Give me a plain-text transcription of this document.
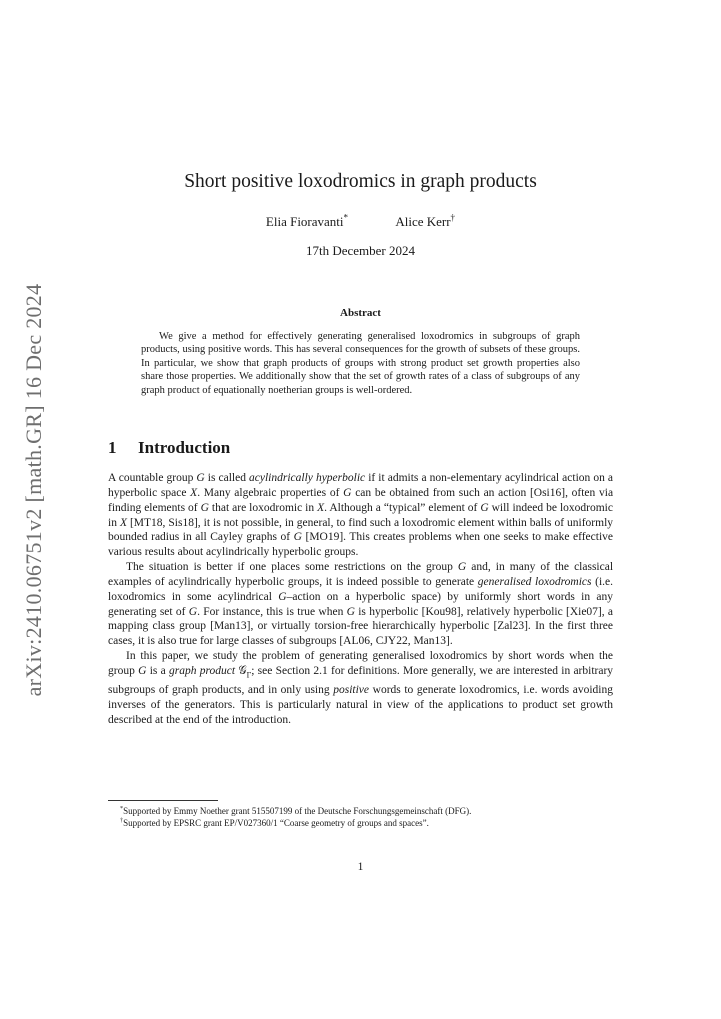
arXiv:2410.06751v2 [math.GR] 16 Dec 2024
Short positive loxodromics in graph products
Elia Fioravanti*	Alice Kerr†
17th December 2024
Abstract
We give a method for effectively generating generalised loxodromics in subgroups of graph products, using positive words. This has several consequences for the growth of subsets of these groups. In particular, we show that graph products of groups with strong product set growth properties also share those properties. We additionally show that the set of growth rates of a class of subgroups of any graph product of equationally noetherian groups is well-ordered.
1 Introduction

A countable group G is called acylindrically hyperbolic if it admits a non-elementary acylindrical action on a hyperbolic space X. Many algebraic properties of G can be obtained from such an action [Osi16], often via finding elements of G that are loxodromic in X. Although a “typical” element of G will indeed be loxodromic in X [MT18, Sis18], it is not possible, in general, to find such a loxodromic element within balls of uniformly bounded radius in all Cayley graphs of G [MO19]. This creates problems when one seeks to make effective various results about acylindrically hyperbolic groups.

The situation is better if one places some restrictions on the group G and, in many of the classical examples of acylindrically hyperbolic groups, it is indeed possible to generate generalised loxodromics (i.e. loxodromics in some acylindrical G–action on a hyperbolic space) by uniformly short words in any generating set of G. For instance, this is true when G is hyperbolic [Kou98], relatively hyperbolic [Xie07], a mapping class group [Man13], or virtually torsion-free hierarchically hyperbolic [Zal23]. In the first three cases, it is also true for large classes of subgroups [AL06, CJY22, Man13].

In this paper, we study the problem of generating generalised loxodromics by short words when the group G is a graph product 𝒢$_\Gamma$; see Section 2.1 for definitions. More generally, we are interested in arbitrary subgroups of graph products, and in only using positive words to generate loxodromics, i.e. words avoiding inverses of the generators. This is particularly natural in view of the applications to product set growth described at the end of the introduction.

*Supported by Emmy Noether grant 515507199 of the Deutsche Forschungsgemeinschaft (DFG).
†Supported by EPSRC grant EP/V027360/1 “Coarse geometry of groups and spaces”.
1
